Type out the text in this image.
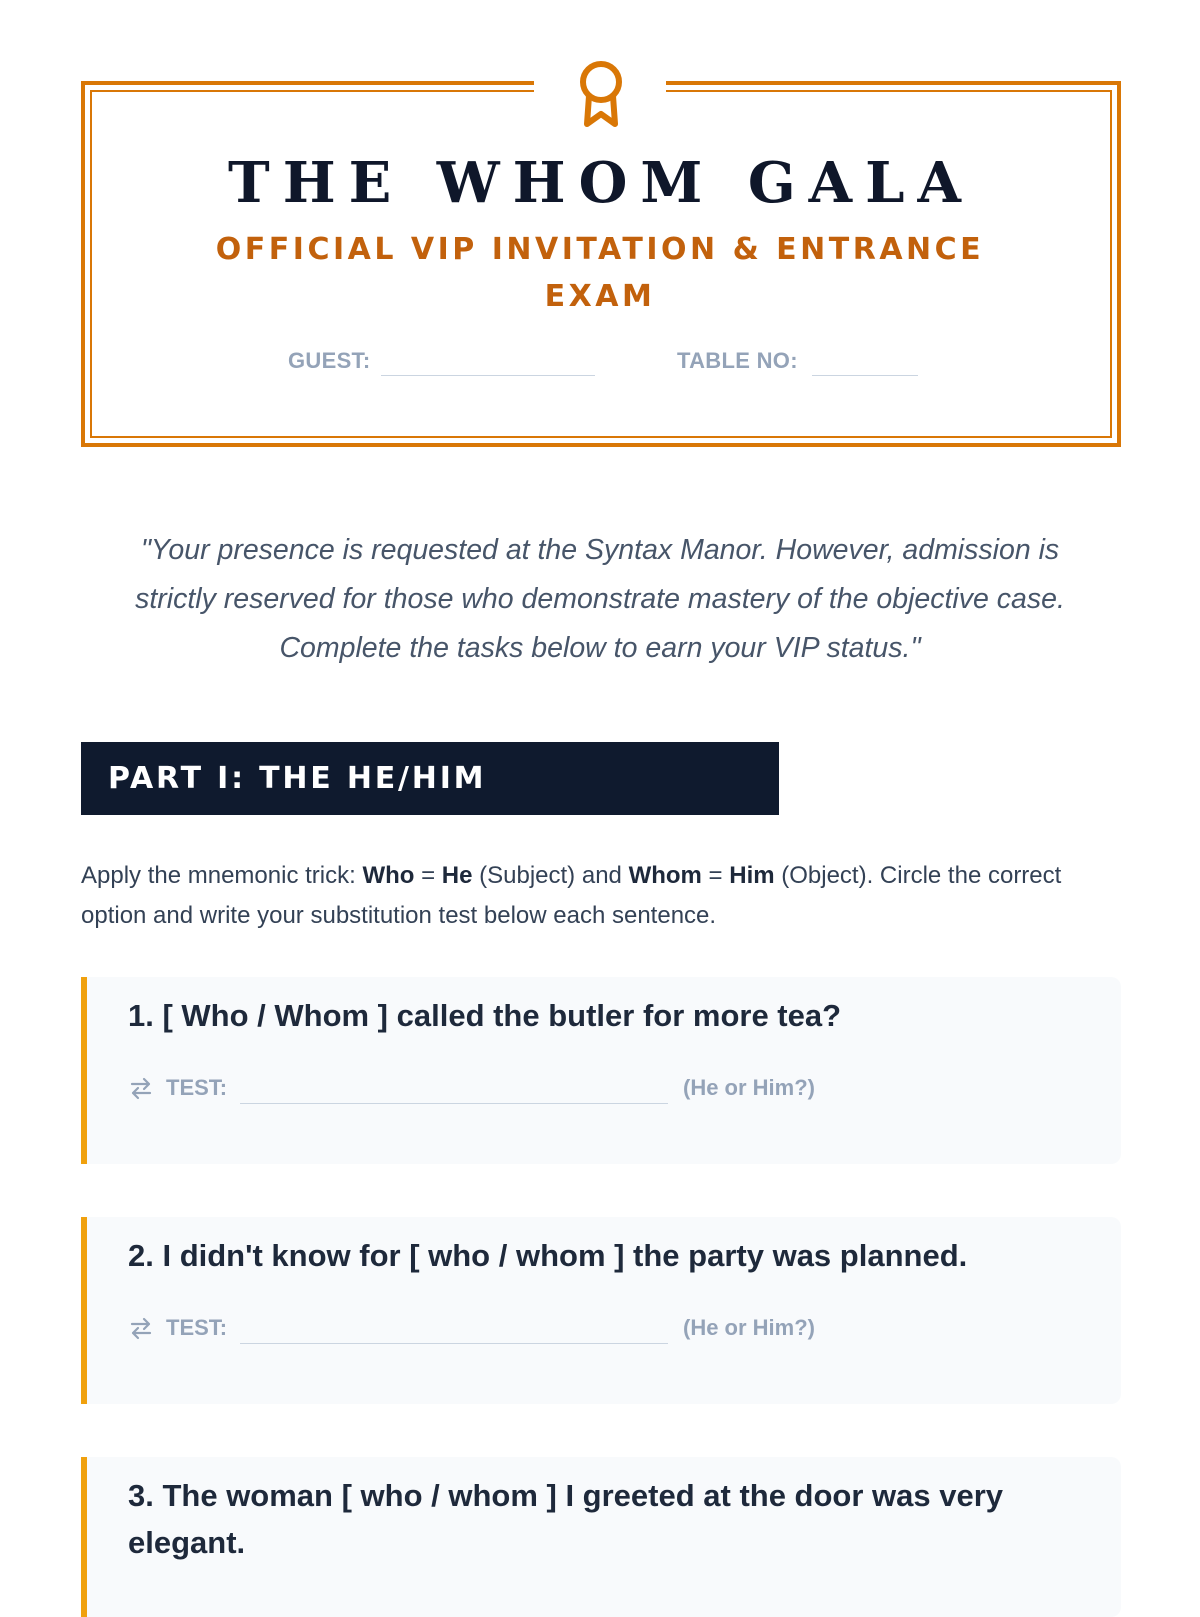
THE WHOM GALA
OFFICIAL VIP INVITATION & ENTRANCE EXAM
GUEST:	TABLE NO:
"Your presence is requested at the Syntax Manor. However, admission is strictly reserved for those who demonstrate mastery of the objective case. Complete the tasks below to earn your VIP status."
PART I: THE HE/HIM SUBSTITUTION
Apply the mnemonic trick: Who = He (Subject) and Whom = Him (Object). Circle the correct option and write your substitution test below each sentence.
1. [ Who / Whom ] called the butler for more tea?
TEST:	(He or Him?)
2. I didn't know for [ who / whom ] the party was planned.
TEST:	(He or Him?)
3. The woman [ who / whom ] I greeted at the door was very elegant.
